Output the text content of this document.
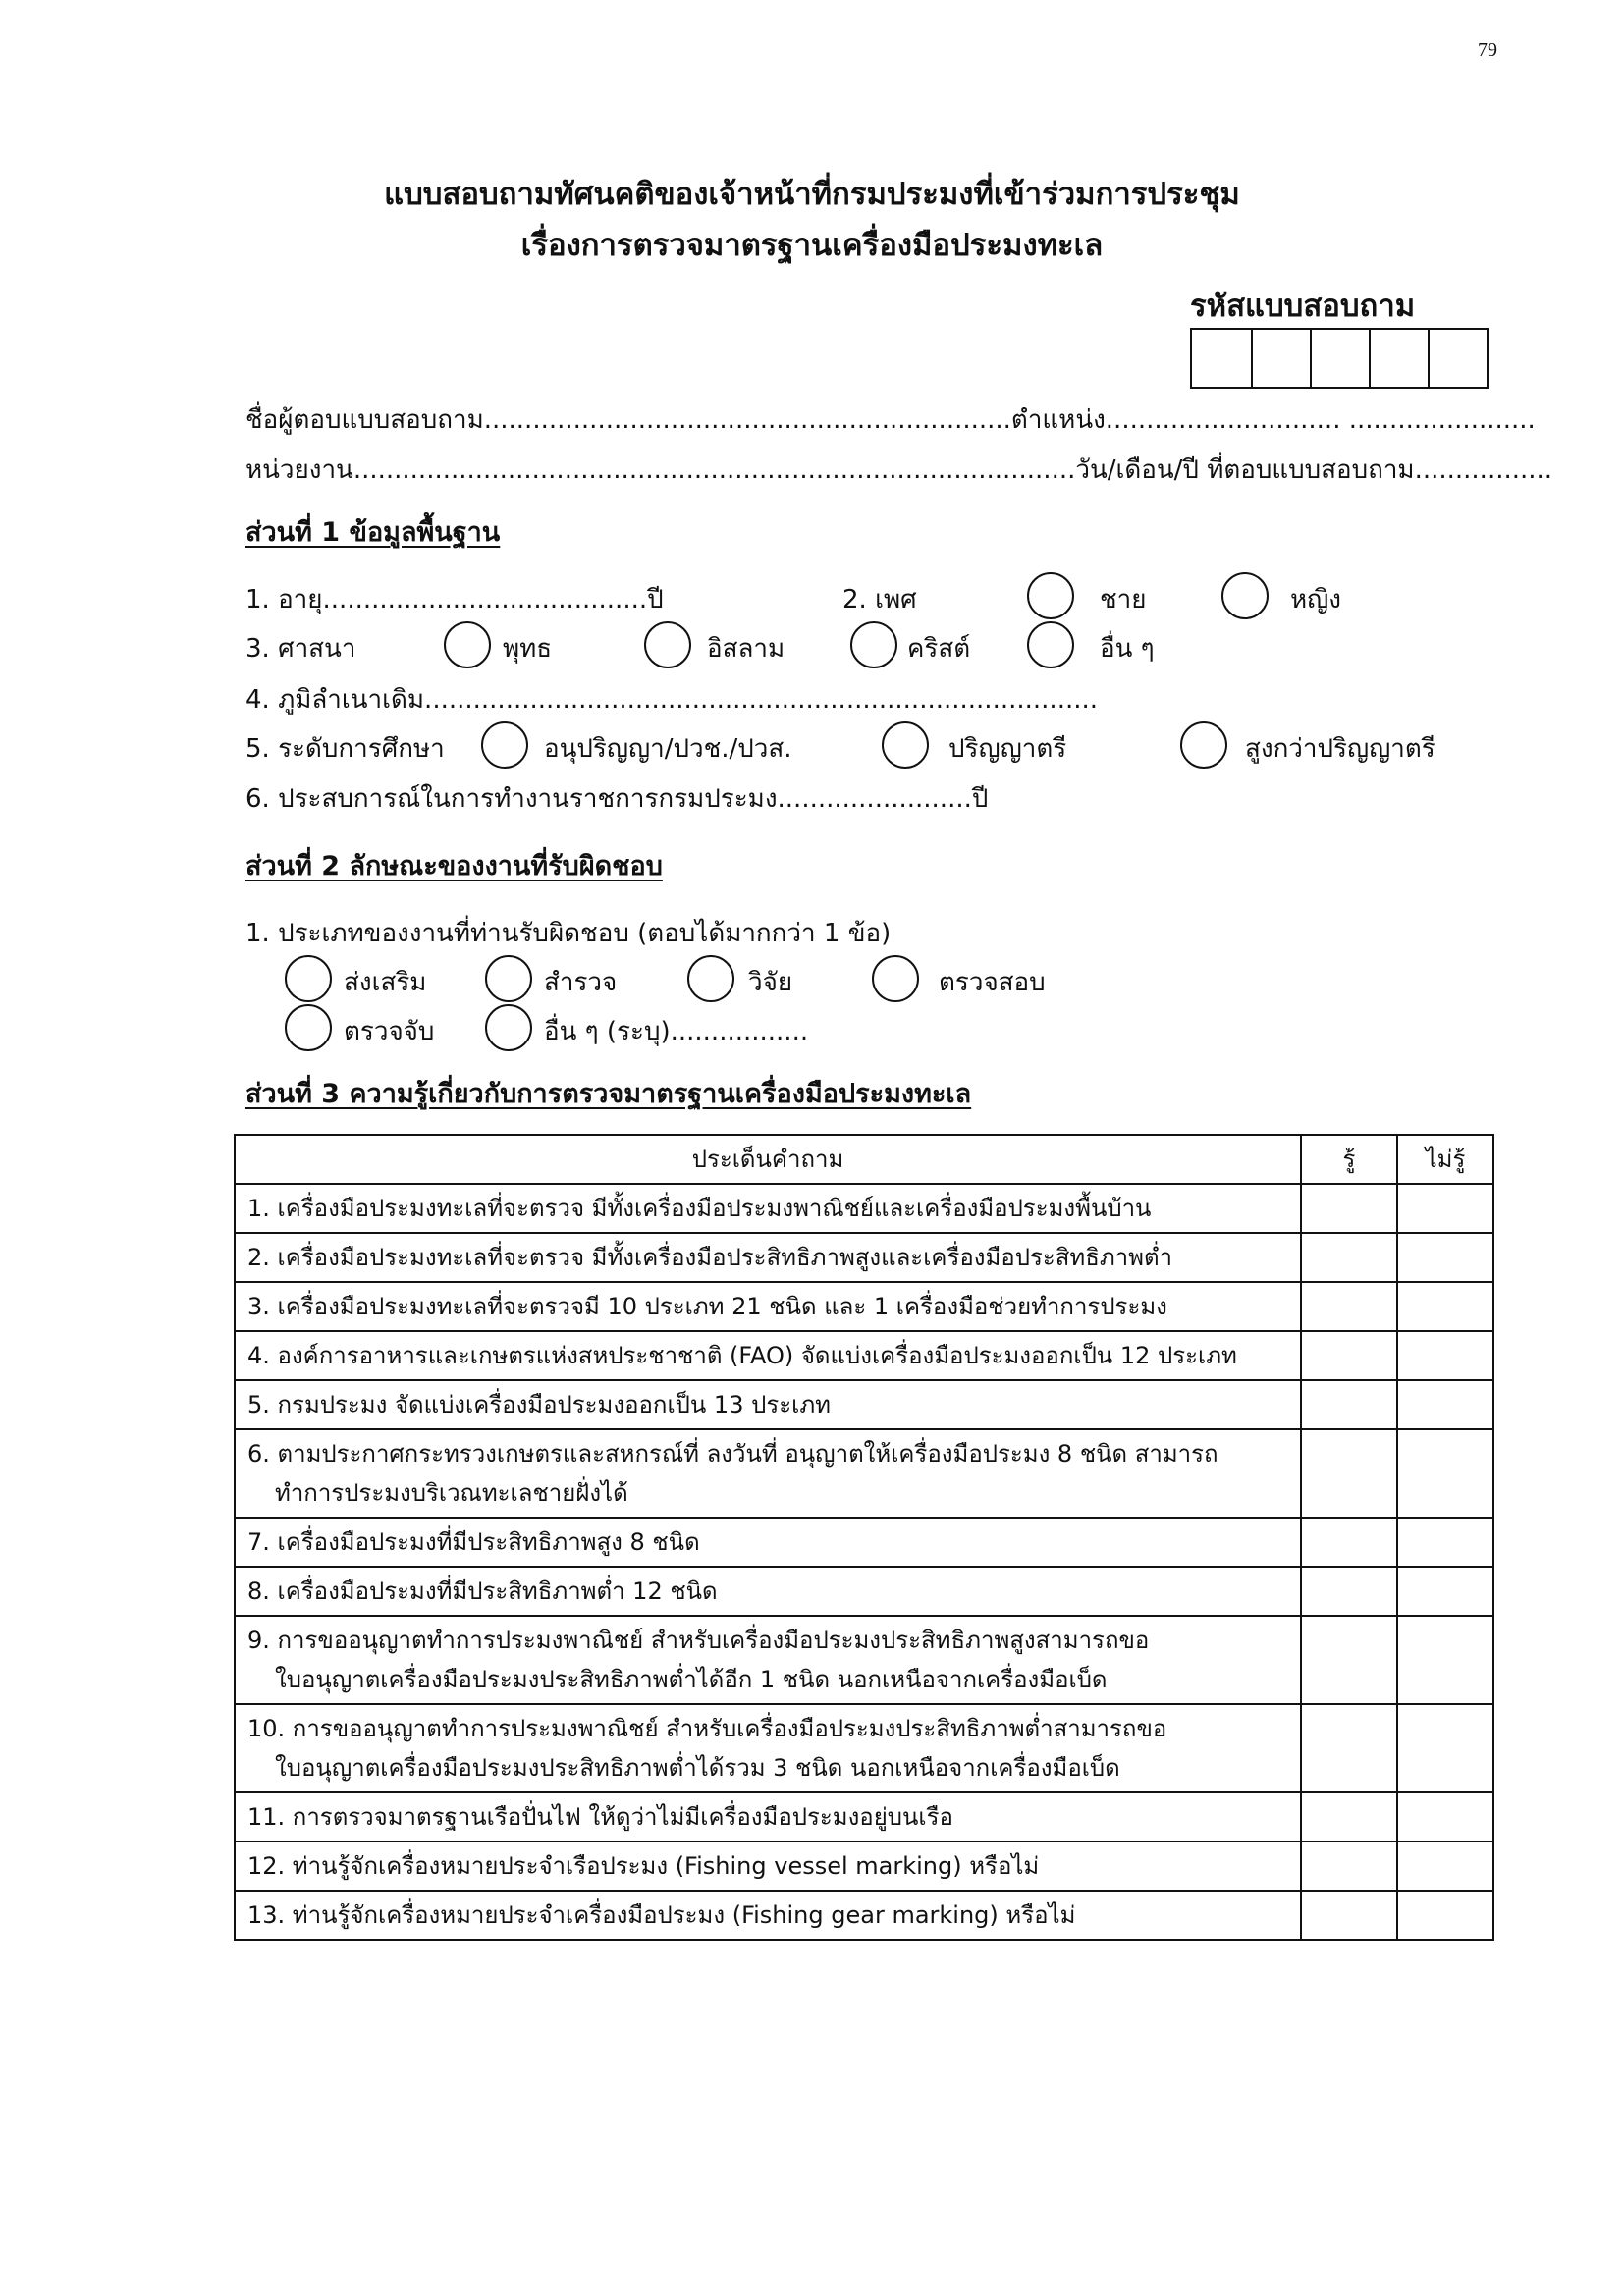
79
แบบสอบถามทัศนคติของเจ้าหน้าที่กรมประมงที่เข้าร่วมการประชุม
เรื่องการตรวจมาตรฐานเครื่องมือประมงทะเล
รหัสแบบสอบถาม
ชื่อผู้ตอบแบบสอบถาม.................................................................ตำแหน่ง............................. .......................
หน่วยงาน.........................................................................................วัน/เดือน/ปี ที่ตอบแบบสอบถาม.................
ส่วนที่ 1 ข้อมูลพื้นฐาน
1. อายุ........................................ปี	2. เพศ	ชาย	หญิง
3. ศาสนา	พุทธ	อิสลาม	คริสต์	อื่น ๆ
4. ภูมิลำเนาเดิม...................................................................................
5. ระดับการศึกษา	อนุปริญญา/ปวช./ปวส.	ปริญญาตรี	สูงกว่าปริญญาตรี
6. ประสบการณ์ในการทำงานราชการกรมประมง........................ปี
ส่วนที่ 2 ลักษณะของงานที่รับผิดชอบ
1. ประเภทของงานที่ท่านรับผิดชอบ (ตอบได้มากกว่า 1 ข้อ)
ส่งเสริม	สำรวจ	วิจัย	ตรวจสอบ
ตรวจจับ	อื่น ๆ (ระบุ).................
ส่วนที่ 3 ความรู้เกี่ยวกับการตรวจมาตรฐานเครื่องมือประมงทะเล
ประเด็นคำถาม	รู้	ไม่รู้
1. เครื่องมือประมงทะเลที่จะตรวจ มีทั้งเครื่องมือประมงพาณิชย์และเครื่องมือประมงพื้นบ้าน		
2. เครื่องมือประมงทะเลที่จะตรวจ มีทั้งเครื่องมือประสิทธิภาพสูงและเครื่องมือประสิทธิภาพต่ำ		
3. เครื่องมือประมงทะเลที่จะตรวจมี 10 ประเภท 21 ชนิด และ 1 เครื่องมือช่วยทำการประมง		
4. องค์การอาหารและเกษตรแห่งสหประชาชาติ (FAO) จัดแบ่งเครื่องมือประมงออกเป็น 12 ประเภท		
5. กรมประมง จัดแบ่งเครื่องมือประมงออกเป็น 13 ประเภท		
6. ตามประกาศกระทรวงเกษตรและสหกรณ์ที่ ลงวันที่ อนุญาตให้เครื่องมือประมง 8 ชนิด สามารถ
ทำการประมงบริเวณทะเลชายฝั่งได้		

7. เครื่องมือประมงที่มีประสิทธิภาพสูง 8 ชนิด		
8. เครื่องมือประมงที่มีประสิทธิภาพต่ำ 12 ชนิด		
9. การขออนุญาตทำการประมงพาณิชย์ สำหรับเครื่องมือประมงประสิทธิภาพสูงสามารถขอ
ใบอนุญาตเครื่องมือประมงประสิทธิภาพต่ำได้อีก 1 ชนิด นอกเหนือจากเครื่องมือเบ็ด		

10. การขออนุญาตทำการประมงพาณิชย์ สำหรับเครื่องมือประมงประสิทธิภาพต่ำสามารถขอ
ใบอนุญาตเครื่องมือประมงประสิทธิภาพต่ำได้รวม 3 ชนิด นอกเหนือจากเครื่องมือเบ็ด		

11. การตรวจมาตรฐานเรือปั่นไฟ ให้ดูว่าไม่มีเครื่องมือประมงอยู่บนเรือ		
12. ท่านรู้จักเครื่องหมายประจำเรือประมง (Fishing vessel marking) หรือไม่		
13. ท่านรู้จักเครื่องหมายประจำเครื่องมือประมง (Fishing gear marking) หรือไม่		
